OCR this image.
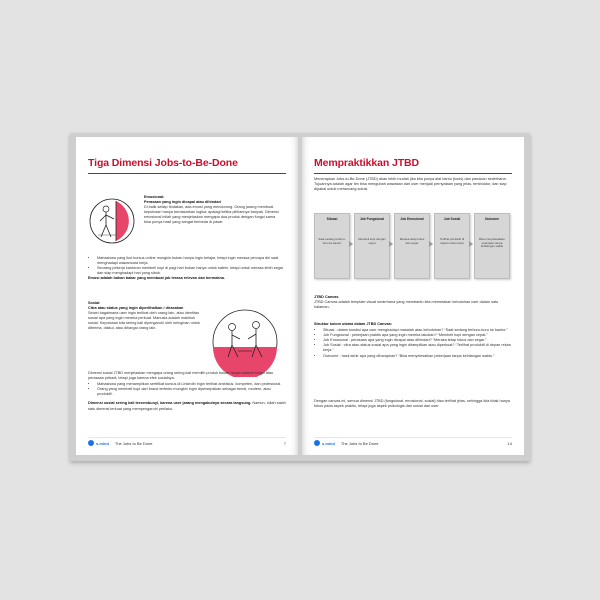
Tiga Dimensi Jobs-to-Be-Done
Emosional:
Perasaan yang ingin dicapai atau dihindari
Di balik setiap tindakan, ada emosi yang mendorong. Orang jarang membuat keputusan hanya berdasarkan logika; apalagi ketika pilihannya banyak. Dimensi emosional inilah yang menjelaskan mengapa dua produk dengan fungsi sama bisa punya hasil yang sangat berbeda di pasar.
• Mahasiswa yang ikut kursus online mungkin bukan hanya ingin belajar, tetapi ingin merasa percaya diri saat menghadapi wawancara kerja.
• Seorang pekerja kantoran membeli kopi di pagi hari bukan hanya untuk kafein, tetapi untuk merasa lebih segar dan siap menghadapi hari yang sibuk.
Emosi adalah bahan bakar yang membuat job terasa relevan dan bermakna.
Sosial:
Citra atau status yang ingin diperlihatkan / dirasakan
Selain bagaimana user ingin terlihat oleh orang lain, atau identitas sosial apa yang ingin mereka perkuat. Manusia adalah makhluk sosial. Keputusan kita sering kali dipengaruhi oleh keinginan untuk diterima, diakui, atau dihargai orang lain.
Dimensi sosial JTBD menjelaskan mengapa orang sering kali memilih produk bukan hanya karena fungsi atau perasaan pribadi, tetapi juga karena efek sosialnya.
• Mahasiswa yang menampilkan sertifikat kursus di LinkedIn ingin terlihat ambisius, kompeten, dan profesional.
• Orang yang membeli kopi dari brand tertentu mungkin ingin dipersepsikan sebagai trendi, modern, atau produktif.
Dimensi sosial sering kali tersembunyi, karena user jarang mengakuinya secara langsung. Namun, inilah salah satu dimensi terkuat yang mempengaruhi perilaku.
s.mind The Jobs to Be Done	7
Mempraktikkan JTBD
Menerapkan Jobs-to-Be-Done (JTBD) akan lebih mudah jika kita punya alat bantu (tools) dan panduan sederhana. Tujuannya adalah agar tim bisa mengubah wawasan dari user menjadi pernyataan yang jelas, terstruktur, dan siap dipakai untuk merancang solusi.
Situasi
Saat sedang terburu-buru ke kantor
Job Fungsional
Membeli kopi dengan cepat
Job Emosional
Merasa tetap fokus dan segar
Job Sosial
Terlihat produktif di depan rekan kerja
Outcome
Bisa menyelesaikan pekerjaan tanpa kehilangan waktu
JTBD Canvas
JTBD Canvas adalah template visual sederhana yang membantu kita memetakan kebutuhan user dalam satu halaman.
Struktur kolom utama dalam JTBD Canvas:
• Situasi : dalam kondisi apa user menghadapi masalah atau kebutuhan? “Saat sedang terburu-buru ke kantor.”
• Job Fungsional : pekerjaan praktis apa yang ingin mereka lakukan? “Membeli kopi dengan cepat.”
• Job Emosional : perasaan apa yang ingin dicapai atau dihindari? “Merasa tetap fokus dan segar.”
• Job Sosial : citra atau status sosial apa yang ingin ditampilkan atau diperkuat? “Terlihat produktif di depan rekan kerja.”
• Outcome : hasil akhir apa yang diharapkan? “Bisa menyelesaikan pekerjaan tanpa kehilangan waktu.”
Dengan canvas ini, semua dimensi JTBD (fungsional, emosional, sosial) bisa terlihat jelas, sehingga kita tidak hanya fokus pada aspek praktis, tetapi juga aspek psikologis dan sosial dari user.
s.mind The Jobs to Be Done	14
